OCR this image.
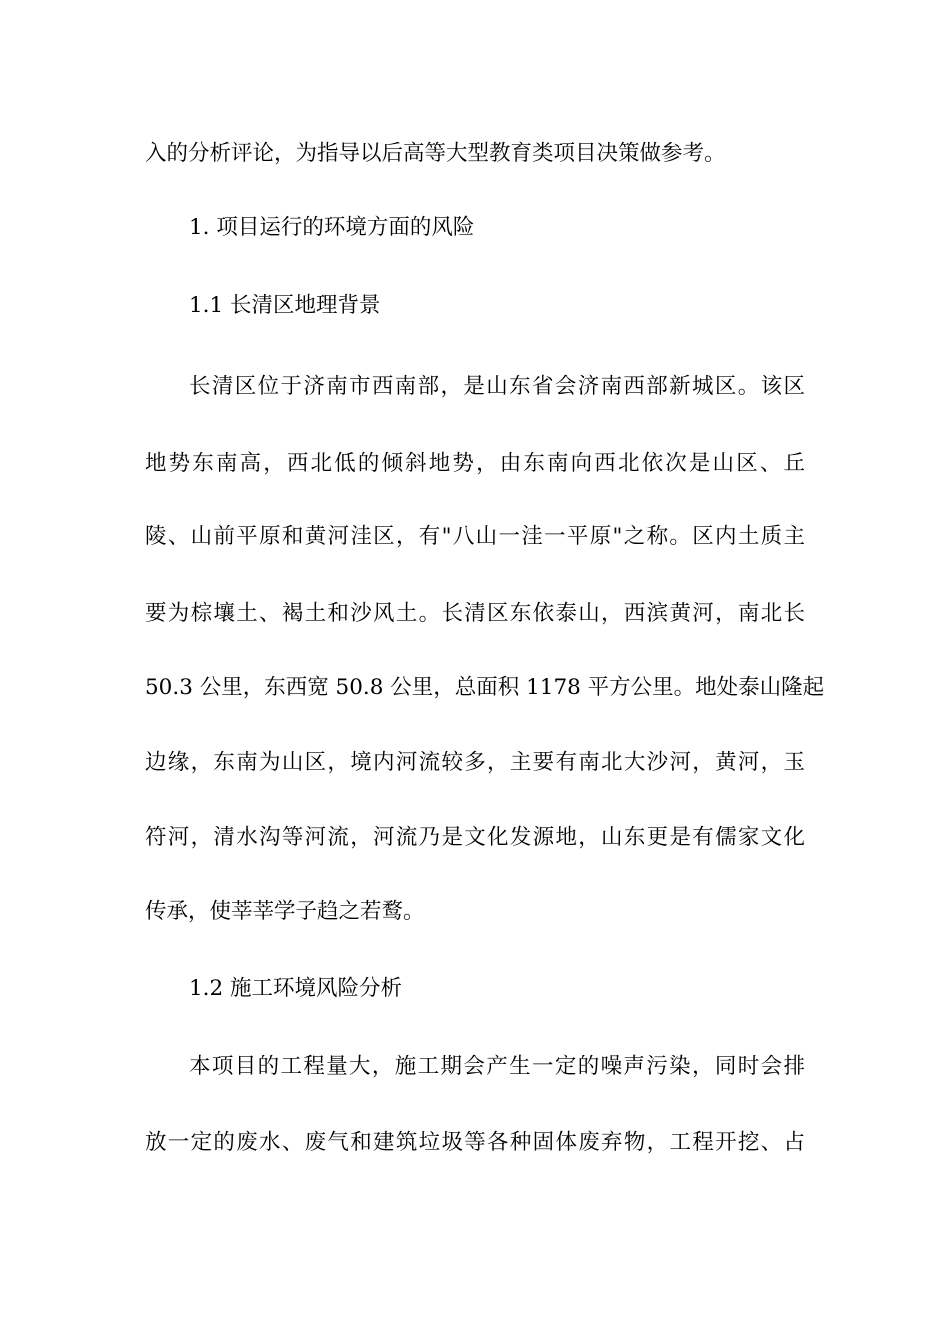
入的分析评论，为指导以后高等大型教育类项目决策做参考。
1. 项目运行的环境方面的风险
1.1 长清区地理背景
长清区位于济南市西南部，是山东省会济南西部新城区。该区
地势东南高，西北低的倾斜地势，由东南向西北依次是山区、丘
陵、山前平原和黄河洼区，有"八山一洼一平原"之称。区内土质主
要为棕壤土、褐土和沙风土。长清区东依泰山，西滨黄河，南北长
50.3 公里，东西宽 50.8 公里，总面积 1178 平方公里。地处泰山隆起
边缘，东南为山区，境内河流较多，主要有南北大沙河，黄河，玉
符河，清水沟等河流，河流乃是文化发源地，山东更是有儒家文化
传承，使莘莘学子趋之若鹜。
1.2 施工环境风险分析
本项目的工程量大，施工期会产生一定的噪声污染，同时会排
放一定的废水、废气和建筑垃圾等各种固体废弃物，工程开挖、占
